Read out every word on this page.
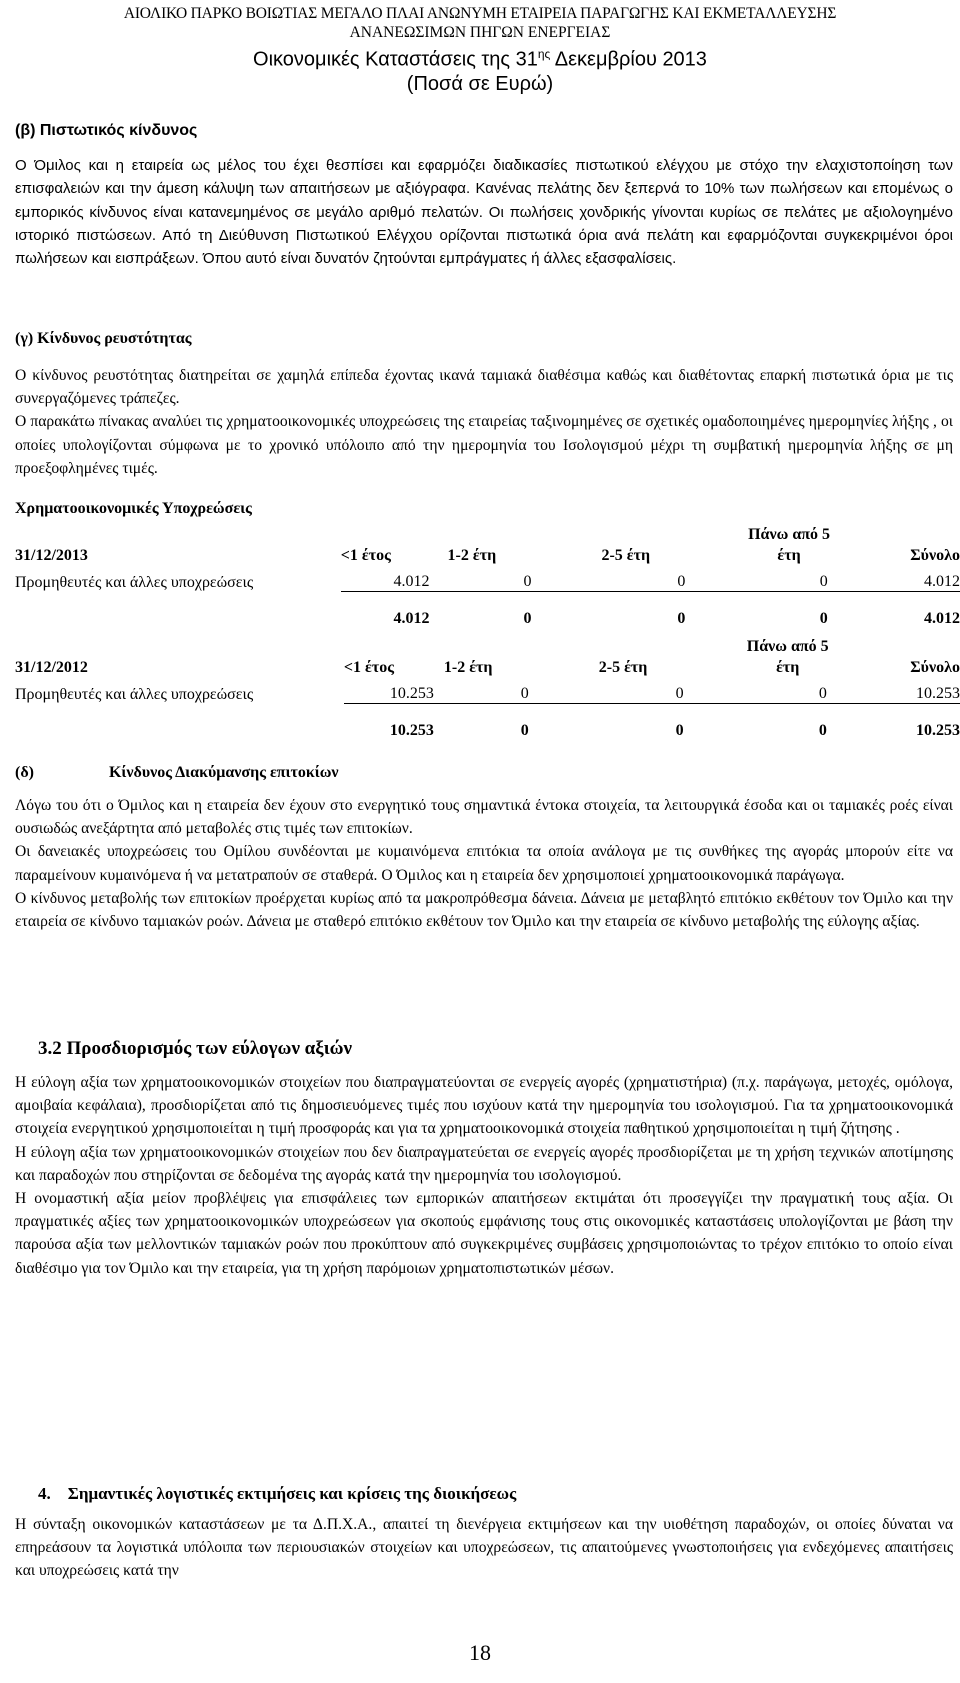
ΑΙΟΛΙΚΟ ΠΑΡΚΟ ΒΟΙΩΤΙΑΣ ΜΕΓΑΛΟ ΠΛΑΙ ΑΝΩΝΥΜΗ ΕΤΑΙΡΕΙΑ ΠΑΡΑΓΩΓΗΣ ΚΑΙ ΕΚΜΕΤΑΛΛΕΥΣΗΣ
ΑΝΑΝΕΩΣΙΜΩΝ ΠΗΓΩΝ ΕΝΕΡΓΕΙΑΣ
Οικονομικές Καταστάσεις της $31^{\eta\varsigma}$ Δεκεμβρίου 2013
(Ποσά σε Ευρώ)
(β) Πιστωτικός κίνδυνος

Ο Όμιλος και η εταιρεία ως μέλος του έχει θεσπίσει και εφαρμόζει διαδικασίες πιστωτικού ελέγχου με στόχο την ελαχιστοποίηση των επισφαλειών και την άμεση κάλυψη των απαιτήσεων με αξιόγραφα. Κανένας πελάτης δεν ξεπερνά το 10% των πωλήσεων και επομένως ο εμπορικός κίνδυνος είναι κατανεμημένος σε μεγάλο αριθμό πελατών. Οι πωλήσεις χονδρικής γίνονται κυρίως σε πελάτες με αξιολογημένο ιστορικό πιστώσεων. Από τη Διεύθυνση Πιστωτικού Ελέγχου ορίζονται πιστωτικά όρια ανά πελάτη και εφαρμόζονται συγκεκριμένοι όροι πωλήσεων και εισπράξεων. Όπου αυτό είναι δυνατόν ζητούνται εμπράγματες ή άλλες εξασφαλίσεις.

(γ) Κίνδυνος ρευστότητας

Ο κίνδυνος ρευστότητας διατηρείται σε χαμηλά επίπεδα έχοντας ικανά ταμιακά διαθέσιμα καθώς και διαθέτοντας επαρκή πιστωτικά όρια με τις συνεργαζόμενες τράπεζες.

Ο παρακάτω πίνακας αναλύει τις χρηματοοικονομικές υποχρεώσεις της εταιρείας ταξινομημένες σε σχετικές ομαδοποιημένες ημερομηνίες λήξης , οι οποίες υπολογίζονται σύμφωνα με το χρονικό υπόλοιπο από την ημερομηνία του Ισολογισμού μέχρι τη συμβατική ημερομηνία λήξης σε μη προεξοφλημένες τιμές.

Χρηματοοικονομικές Υποχρεώσεις
31/12/2013	<1 έτος	1-2 έτη	2-5 έτη	Πάνω από 5
έτη	Σύνολο
Προμηθευτές και άλλες υποχρεώσεις	4.012	0	0	0	4.012
	4.012	0	0	0	4.012
31/12/2012	<1 έτος	1-2 έτη	2-5 έτη	Πάνω από 5
έτη	Σύνολο
Προμηθευτές και άλλες υποχρεώσεις	10.253	0	0	0	10.253
	10.253	0	0	0	10.253
(δ)	Κίνδυνος Διακύμανσης επιτοκίων

Λόγω του ότι ο Όμιλος και η εταιρεία δεν έχουν στο ενεργητικό τους σημαντικά έντοκα στοιχεία, τα λειτουργικά έσοδα και οι ταμιακές ροές είναι ουσιωδώς ανεξάρτητα από μεταβολές στις τιμές των επιτοκίων.

Οι δανειακές υποχρεώσεις του Ομίλου συνδέονται με κυμαινόμενα επιτόκια τα οποία ανάλογα με τις συνθήκες της αγοράς μπορούν είτε να παραμείνουν κυμαινόμενα ή να μετατραπούν σε σταθερά. Ο Όμιλος και η εταιρεία δεν χρησιμοποιεί χρηματοοικονομικά παράγωγα.

Ο κίνδυνος μεταβολής των επιτοκίων προέρχεται κυρίως από τα μακροπρόθεσμα δάνεια. Δάνεια με μεταβλητό επιτόκιο εκθέτουν τον Όμιλο και την εταιρεία σε κίνδυνο ταμιακών ροών. Δάνεια με σταθερό επιτόκιο εκθέτουν τον Όμιλο και την εταιρεία σε κίνδυνο μεταβολής της εύλογης αξίας.

3.2 Προσδιορισμός των εύλογων αξιών

Η εύλογη αξία των χρηματοοικονομικών στοιχείων που διαπραγματεύονται σε ενεργείς αγορές (χρηματιστήρια) (π.χ. παράγωγα, μετοχές, ομόλογα, αμοιβαία κεφάλαια), προσδιορίζεται από τις δημοσιευόμενες τιμές που ισχύουν κατά την ημερομηνία του ισολογισμού. Για τα χρηματοοικονομικά στοιχεία ενεργητικού χρησιμοποιείται η τιμή προσφοράς και για τα χρηματοοικονομικά στοιχεία παθητικού χρησιμοποιείται η τιμή ζήτησης .

Η εύλογη αξία των χρηματοοικονομικών στοιχείων που δεν διαπραγματεύεται σε ενεργείς αγορές προσδιορίζεται με τη χρήση τεχνικών αποτίμησης και παραδοχών που στηρίζονται σε δεδομένα της αγοράς κατά την ημερομηνία του ισολογισμού.

Η ονομαστική αξία μείον προβλέψεις για επισφάλειες των εμπορικών απαιτήσεων εκτιμάται ότι προσεγγίζει την πραγματική τους αξία. Οι πραγματικές αξίες των χρηματοοικονομικών υποχρεώσεων για σκοπούς εμφάνισης τους στις οικονομικές καταστάσεις υπολογίζονται με βάση την παρούσα αξία των μελλοντικών ταμιακών ροών που προκύπτουν από συγκεκριμένες συμβάσεις χρησιμοποιώντας το τρέχον επιτόκιο το οποίο είναι διαθέσιμο για τον Όμιλο και την εταιρεία, για τη χρήση παρόμοιων χρηματοπιστωτικών μέσων.

4.    Σημαντικές λογιστικές εκτιμήσεις και κρίσεις της διοικήσεως

Η σύνταξη οικονομικών καταστάσεων με τα Δ.Π.Χ.Α., απαιτεί τη διενέργεια εκτιμήσεων και την υιοθέτηση παραδοχών, οι οποίες δύναται να επηρεάσουν τα λογιστικά υπόλοιπα των περιουσιακών στοιχείων και υποχρεώσεων, τις απαιτούμενες γνωστοποιήσεις για ενδεχόμενες απαιτήσεις και υποχρεώσεις κατά την

18
